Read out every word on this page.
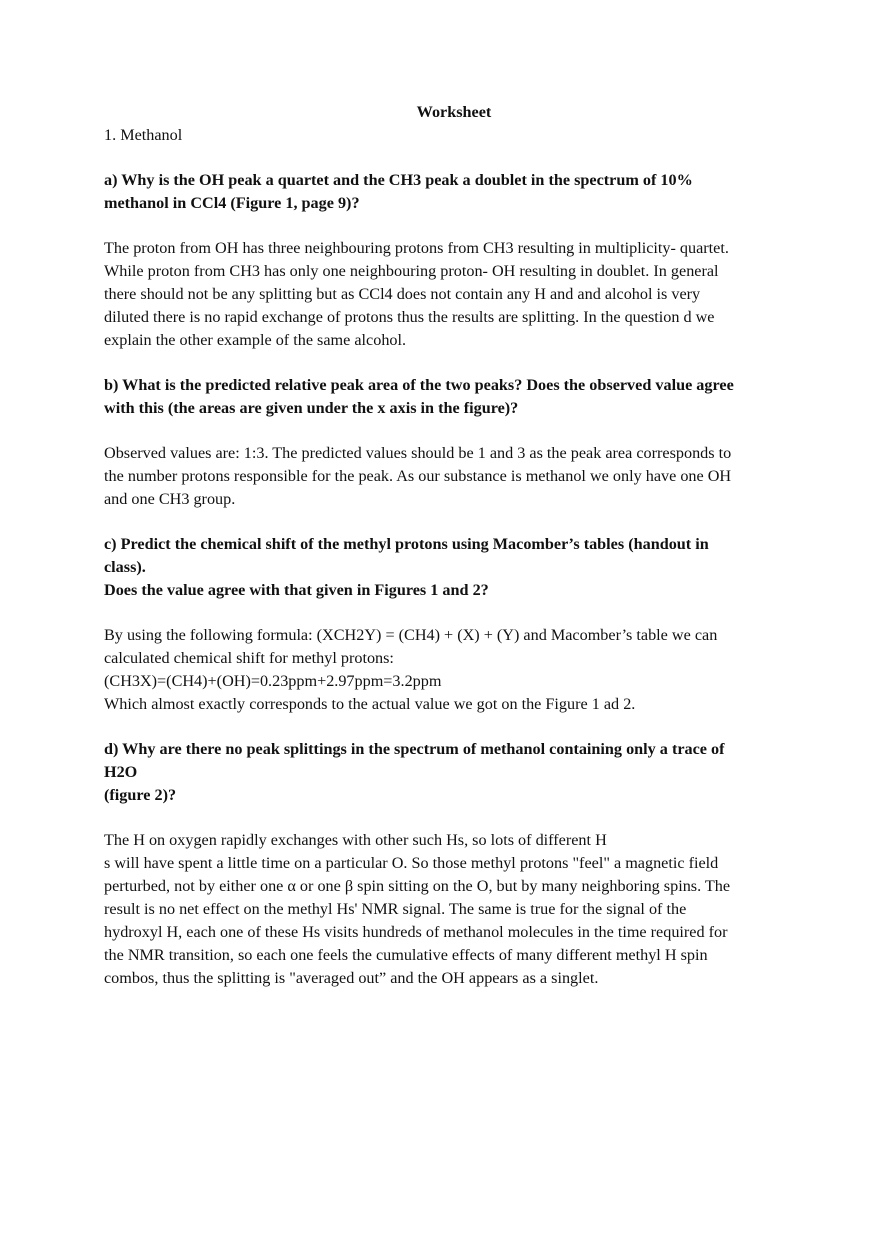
Worksheet
1. Methanol

a) Why is the OH peak a quartet and the CH3 peak a doublet in the spectrum of 10%
methanol in CCl4 (Figure 1, page 9)?

The proton from OH has three neighbouring protons from CH3 resulting in multiplicity- quartet.
While proton from CH3 has only one neighbouring proton- OH resulting in doublet. In general
there should not be any splitting but as CCl4 does not contain any H and and alcohol is very
diluted there is no rapid exchange of protons thus the results are splitting. In the question d we
explain the other example of the same alcohol.

b) What is the predicted relative peak area of the two peaks? Does the observed value agree
with this (the areas are given under the x axis in the figure)?

Observed values are: 1:3. The predicted values should be 1 and 3 as the peak area corresponds to
the number protons responsible for the peak. As our substance is methanol we only have one OH
and one CH3 group.

c) Predict the chemical shift of the methyl protons using Macomber’s tables (handout in
class).
Does the value agree with that given in Figures 1 and 2?

By using the following formula: (XCH2Y) = (CH4) + (X) + (Y) and Macomber’s table we can
calculated chemical shift for methyl protons:
(CH3X)=(CH4)+(OH)=0.23ppm+2.97ppm=3.2ppm
Which almost exactly corresponds to the actual value we got on the Figure 1 ad 2.

d) Why are there no peak splittings in the spectrum of methanol containing only a trace of
H2O
(figure 2)?

The H on oxygen rapidly exchanges with other such Hs, so lots of different H
s will have spent a little time on a particular O. So those methyl protons "feel" a magnetic field
perturbed, not by either one α or one β spin sitting on the O, but by many neighboring spins. The
result is no net effect on the methyl Hs' NMR signal. The same is true for the signal of the
hydroxyl H, each one of these Hs visits hundreds of methanol molecules in the time required for
the NMR transition, so each one feels the cumulative effects of many different methyl H spin
combos, thus the splitting is "averaged out” and the OH appears as a singlet.
